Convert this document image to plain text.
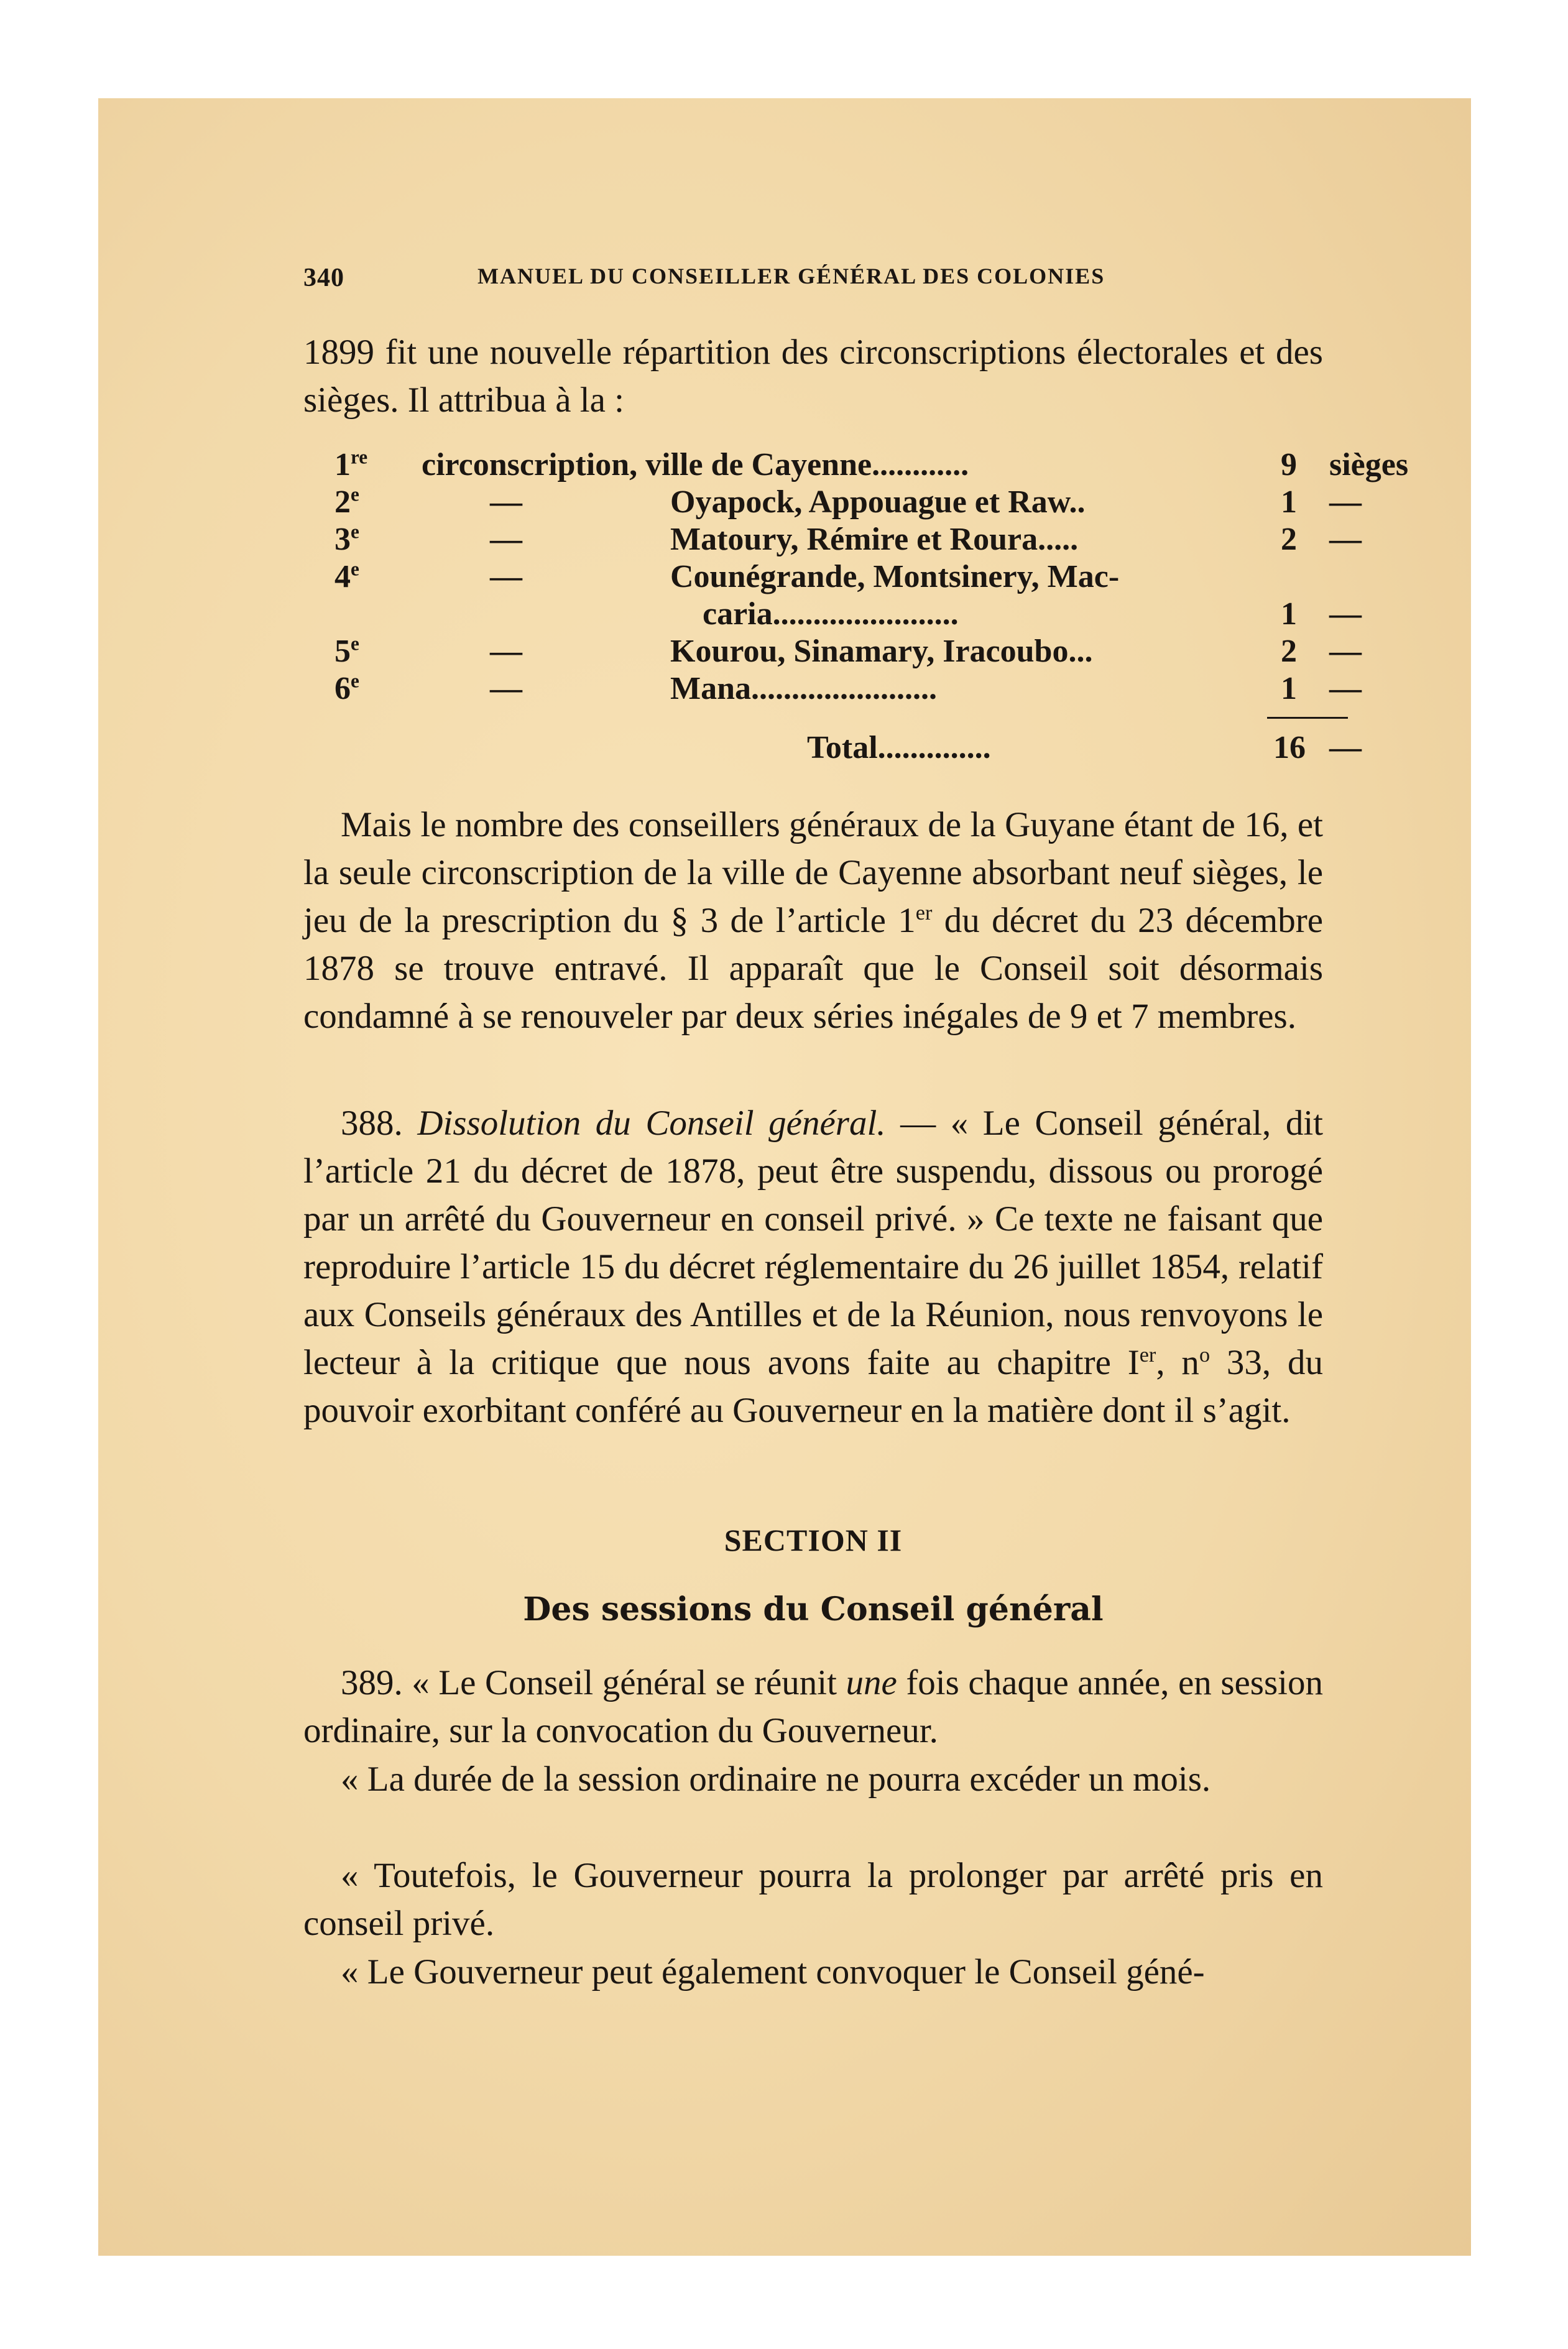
340	MANUEL DU CONSEILLER GÉNÉRAL DES COLONIES
1899 fit une nouvelle répartition des circonscriptions électorales et des sièges. Il attribua à la :
1re circonscription, ville de Cayenne............	9 sièges
2e	—	Oyapock, Appouague et Raw..	1 —
3e	—	Matoury, Rémire et Roura.....	2 —
4e	—	Counégrande, Montsinery, Mac-
caria.......................	1 —
5e	—	Kourou, Sinamary, Iracoubo...	2 —
6e	—	Mana.......................	1 —
Total..............	16 —
Mais le nombre des conseillers généraux de la Guyane étant de 16, et la seule circonscription de la ville de Cayenne absorbant neuf sièges, le jeu de la prescription du § 3 de l’article 1er du décret du 23 décembre 1878 se trouve entravé. Il apparaît que le Conseil soit désormais condamné à se renouveler par deux séries inégales de 9 et 7 membres.
388. Dissolution du Conseil général. — « Le Conseil général, dit l’article 21 du décret de 1878, peut être suspendu, dissous ou prorogé par un arrêté du Gouverneur en conseil privé. » Ce texte ne faisant que reproduire l’article 15 du décret réglementaire du 26 juillet 1854, relatif aux Conseils généraux des Antilles et de la Réunion, nous renvoyons le lecteur à la critique que nous avons faite au chapitre Ier, $n^o$ 33, du pouvoir exorbitant conféré au Gouverneur en la matière dont il s’agit.
SECTION II
Des sessions du Conseil général
389. « Le Conseil général se réunit une fois chaque année, en session ordinaire, sur la convocation du Gouverneur.
« La durée de la session ordinaire ne pourra excéder un mois.
« Toutefois, le Gouverneur pourra la prolonger par arrêté pris en conseil privé.
« Le Gouverneur peut également convoquer le Conseil géné-
